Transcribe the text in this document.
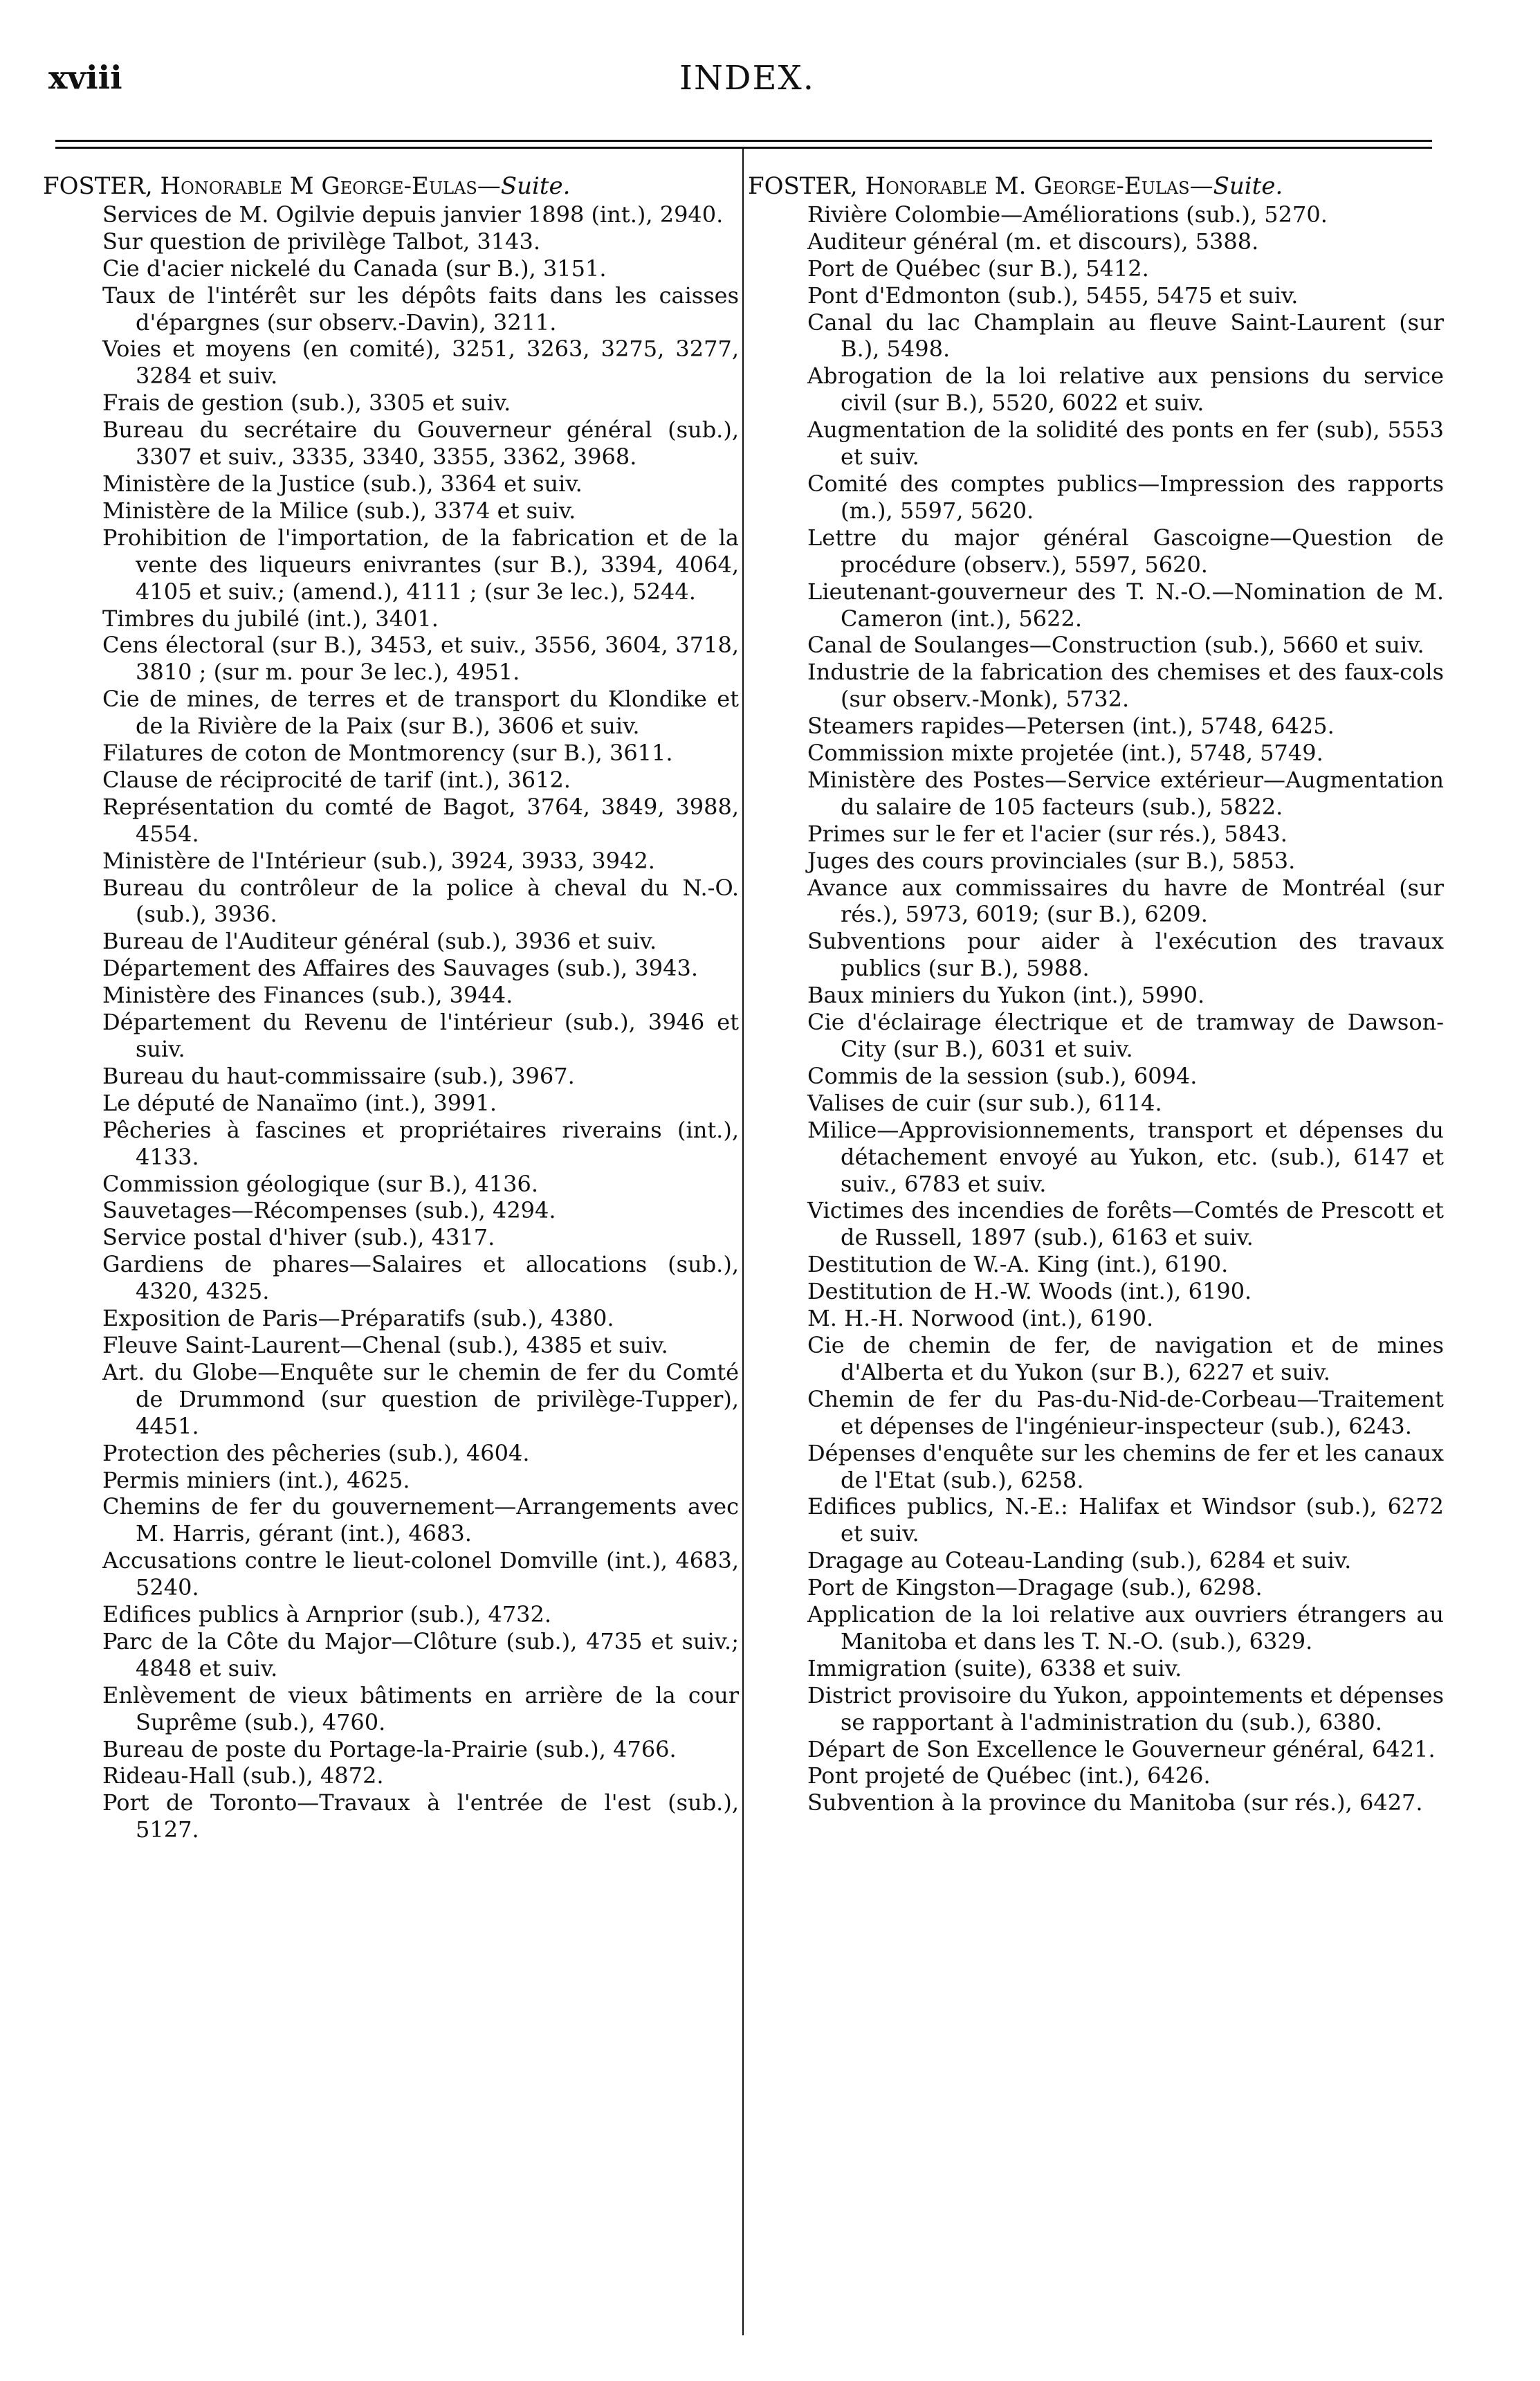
xviii	INDEX.
FOSTER, Honorable M George-Eulas—Suite.
Services de M. Ogilvie depuis janvier 1898 (int.), 2940.
Sur question de privilège Talbot, 3143.
Cie d'acier nickelé du Canada (sur B.), 3151.
Taux de l'intérêt sur les dépôts faits dans les caisses d'épargnes (sur observ.-Davin), 3211.
Voies et moyens (en comité), 3251, 3263, 3275, 3277, 3284 et suiv.
Frais de gestion (sub.), 3305 et suiv.
Bureau du secrétaire du Gouverneur général (sub.), 3307 et suiv., 3335, 3340, 3355, 3362, 3968.
Ministère de la Justice (sub.), 3364 et suiv.
Ministère de la Milice (sub.), 3374 et suiv.
Prohibition de l'importation, de la fabrication et de la vente des liqueurs enivrantes (sur B.), 3394, 4064, 4105 et suiv.; (amend.), 4111 ; (sur 3e lec.), 5244.
Timbres du jubilé (int.), 3401.
Cens électoral (sur B.), 3453, et suiv., 3556, 3604, 3718, 3810 ; (sur m. pour 3e lec.), 4951.
Cie de mines, de terres et de transport du Klondike et de la Rivière de la Paix (sur B.), 3606 et suiv.
Filatures de coton de Montmorency (sur B.), 3611.
Clause de réciprocité de tarif (int.), 3612.
Représentation du comté de Bagot, 3764, 3849, 3988, 4554.
Ministère de l'Intérieur (sub.), 3924, 3933, 3942.
Bureau du contrôleur de la police à cheval du N.-O. (sub.), 3936.
Bureau de l'Auditeur général (sub.), 3936 et suiv.
Département des Affaires des Sauvages (sub.), 3943.
Ministère des Finances (sub.), 3944.
Département du Revenu de l'intérieur (sub.), 3946 et suiv.
Bureau du haut-commissaire (sub.), 3967.
Le député de Nanaïmo (int.), 3991.
Pêcheries à fascines et propriétaires riverains (int.), 4133.
Commission géologique (sur B.), 4136.
Sauvetages—Récompenses (sub.), 4294.
Service postal d'hiver (sub.), 4317.
Gardiens de phares—Salaires et allocations (sub.), 4320, 4325.
Exposition de Paris—Préparatifs (sub.), 4380.
Fleuve Saint-Laurent—Chenal (sub.), 4385 et suiv.
Art. du Globe—Enquête sur le chemin de fer du Comté de Drummond (sur question de privilège-Tupper), 4451.
Protection des pêcheries (sub.), 4604.
Permis miniers (int.), 4625.
Chemins de fer du gouvernement—Arrangements avec M. Harris, gérant (int.), 4683.
Accusations contre le lieut-colonel Domville (int.), 4683, 5240.
Edifices publics à Arnprior (sub.), 4732.
Parc de la Côte du Major—Clôture (sub.), 4735 et suiv.; 4848 et suiv.
Enlèvement de vieux bâtiments en arrière de la cour Suprême (sub.), 4760.
Bureau de poste du Portage-la-Prairie (sub.), 4766.
Rideau-Hall (sub.), 4872.
Port de Toronto—Travaux à l'entrée de l'est (sub.), 5127.
FOSTER, Honorable M. George-Eulas—Suite.
Rivière Colombie—Améliorations (sub.), 5270.
Auditeur général (m. et discours), 5388.
Port de Québec (sur B.), 5412.
Pont d'Edmonton (sub.), 5455, 5475 et suiv.
Canal du lac Champlain au fleuve Saint-Laurent (sur B.), 5498.
Abrogation de la loi relative aux pensions du service civil (sur B.), 5520, 6022 et suiv.
Augmentation de la solidité des ponts en fer (sub), 5553 et suiv.
Comité des comptes publics—Impression des rapports (m.), 5597, 5620.
Lettre du major général Gascoigne—Question de procédure (observ.), 5597, 5620.
Lieutenant-gouverneur des T. N.-O.—Nomination de M. Cameron (int.), 5622.
Canal de Soulanges—Construction (sub.), 5660 et suiv.
Industrie de la fabrication des chemises et des faux-cols (sur observ.-Monk), 5732.
Steamers rapides—Petersen (int.), 5748, 6425.
Commission mixte projetée (int.), 5748, 5749.
Ministère des Postes—Service extérieur—Augmentation du salaire de 105 facteurs (sub.), 5822.
Primes sur le fer et l'acier (sur rés.), 5843.
Juges des cours provinciales (sur B.), 5853.
Avance aux commissaires du havre de Montréal (sur rés.), 5973, 6019; (sur B.), 6209.
Subventions pour aider à l'exécution des travaux publics (sur B.), 5988.
Baux miniers du Yukon (int.), 5990.
Cie d'éclairage électrique et de tramway de Dawson-City (sur B.), 6031 et suiv.
Commis de la session (sub.), 6094.
Valises de cuir (sur sub.), 6114.
Milice—Approvisionnements, transport et dépenses du détachement envoyé au Yukon, etc. (sub.), 6147 et suiv., 6783 et suiv.
Victimes des incendies de forêts—Comtés de Prescott et de Russell, 1897 (sub.), 6163 et suiv.
Destitution de W.-A. King (int.), 6190.
Destitution de H.-W. Woods (int.), 6190.
M. H.-H. Norwood (int.), 6190.
Cie de chemin de fer, de navigation et de mines d'Alberta et du Yukon (sur B.), 6227 et suiv.
Chemin de fer du Pas-du-Nid-de-Corbeau—Traitement et dépenses de l'ingénieur-inspecteur (sub.), 6243.
Dépenses d'enquête sur les chemins de fer et les canaux de l'Etat (sub.), 6258.
Edifices publics, N.-E.: Halifax et Windsor (sub.), 6272 et suiv.
Dragage au Coteau-Landing (sub.), 6284 et suiv.
Port de Kingston—Dragage (sub.), 6298.
Application de la loi relative aux ouvriers étrangers au Manitoba et dans les T. N.-O. (sub.), 6329.
Immigration (suite), 6338 et suiv.
District provisoire du Yukon, appointements et dépenses se rapportant à l'administration du (sub.), 6380.
Départ de Son Excellence le Gouverneur général, 6421.
Pont projeté de Québec (int.), 6426.
Subvention à la province du Manitoba (sur rés.), 6427.
